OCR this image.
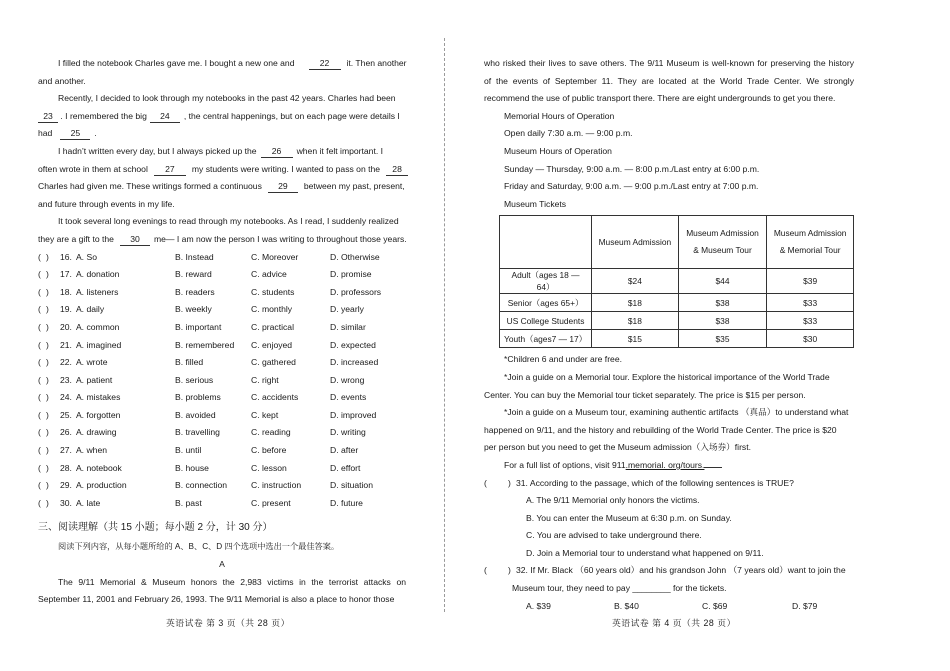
I filled the notebook Charles gave me. I bought a new one and	22 it. Then another
and another.
Recently, I decided to look through my notebooks in the past 42 years. Charles had been
23 . I remembered the big 24 , the central happenings, but on each page were details I
had 25 .
I hadn’t written every day, but I always picked up the 26 when it felt important. I
often wrote in them at school 27 my students were writing. I wanted to pass on the 28
Charles had given me. These writings formed a continuous 29 between my past, present,
and future through events in my life.
It took several long evenings to read through my notebooks. As I read, I suddenly realized
they are a gift to the 30 me— I am now the person I was writing to throughout those years.
( ) 16. A. So	B. Instead	C. Moreover	D. Otherwise
( ) 17. A. donation	B. reward	C. advice	D. promise
( ) 18. A. listeners	B. readers	C. students	D. professors
( ) 19. A. daily	B. weekly	C. monthly	D. yearly
( ) 20. A. common	B. important	C. practical	D. similar
( ) 21. A. imagined	B. remembered C. enjoyed	D. expected
( ) 22. A. wrote	B. filled	C. gathered	D. increased
( ) 23. A. patient	B. serious	C. right	D. wrong
( ) 24. A. mistakes	B. problems	C. accidents	D. events
( ) 25. A. forgotten	B. avoided	C. kept	D. improved
( ) 26. A. drawing	B. travelling	C. reading	D. writing
( ) 27. A. when	B. until	C. before	D. after
( ) 28. A. notebook	B. house	C. lesson	D. effort
( ) 29. A. production	B. connection	C. instruction	D. situation
( ) 30. A. late	B. past	C. present	D. future
三、阅读理解（共 15 小题；每小题 2 分，计 30 分）
阅读下列内容，从每小题所给的 A、B、C、D 四个选项中选出一个最佳答案。
A
The 9/11 Memorial & Museum honors the 2,983 victims in the terrorist attacks on
September 11, 2001 and February 26, 1993. The 9/11 Memorial is also a place to honor those
英语试卷 第 3 页（共 28 页）
who risked their lives to save others. The 9/11 Museum is well-known for preserving the history
of the events of September 11. They are located at the World Trade Center. We strongly
recommend the use of public transport there. There are eight undergrounds to get you there.
Memorial Hours of Operation
Open daily 7:30 a.m. — 9:00 p.m.
Museum Hours of Operation
Sunday — Thursday, 9:00 a.m. — 8:00 p.m./Last entry at 6:00 p.m.
Friday and Saturday, 9:00 a.m. — 9:00 p.m./Last entry at 7:00 p.m.
Museum Tickets
	Museum Admission	Museum Admission & Museum Tour	Museum Admission & Memorial Tour
Adult（ages 18 — 64）	$24	$44	$39
Senior（ages 65+）	$18	$38	$33
US College Students	$18	$38	$33
Youth（ages7 — 17）	$15	$35	$30
*Children 6 and under are free.
*Join a guide on a Memorial tour. Explore the historical importance of the World Trade
Center. You can buy the Memorial tour ticket separately. The price is $15 per person.
*Join a guide on a Museum tour, examining authentic artifacts （真品）to understand what
happened on 9/11, and the history and rebuilding of the World Trade Center. The price is $20
per person but you need to get the Museum admission（入场券）first.
For a full list of options, visit 911.memorial. org/tours.
( ) 31. According to the passage, which of the following sentences is TRUE?
A. The 9/11 Memorial only honors the victims.
B. You can enter the Museum at 6:30 p.m. on Sunday.
C. You are advised to take underground there.
D. Join a Memorial tour to understand what happened on 9/11.
( ) 32. If Mr. Black （60 years old）and his grandson John （7 years old）want to join the
Museum tour, they need to pay ________ for the tickets.
A. $39	B. $40	C. $69	D. $79
英语试卷 第 4 页（共 28 页）
